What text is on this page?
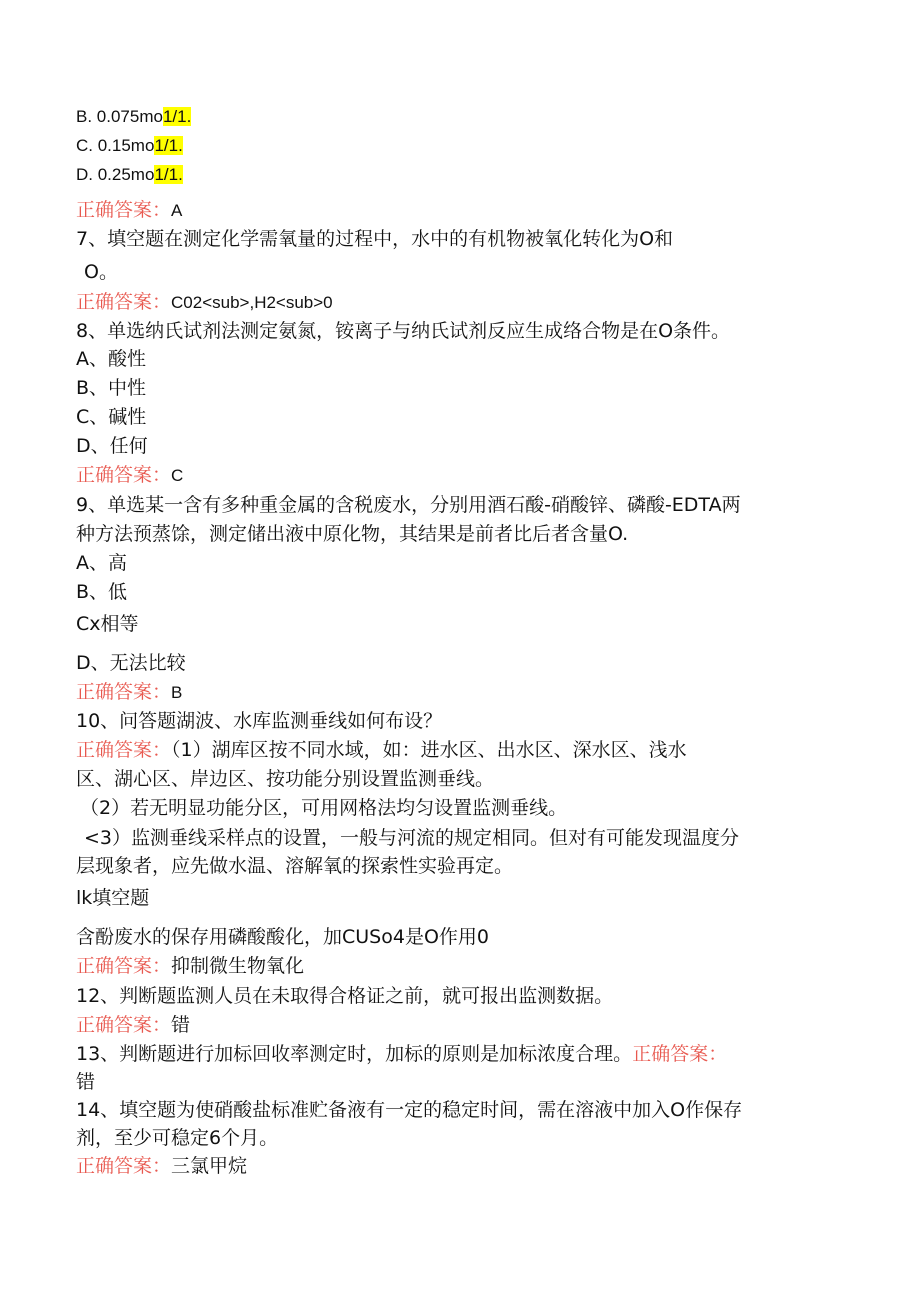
B. 0.075mo1/1.
C. 0.15mo1/1.
D. 0.25mo1/1.
正确答案：A
7、填空题在测定化学需氧量的过程中，水中的有机物被氧化转化为O和
O。
正确答案：C02<sub>,H2<sub>0
8、单选纳氏试剂法测定氨氮，铵离子与纳氏试剂反应生成络合物是在O条件。
A、酸性
B、中性
C、碱性
D、任何
正确答案：C
9、单选某一含有多种重金属的含税废水，分别用酒石酸-硝酸锌、磷酸-EDTA两
种方法预蒸馀，测定储出液中原化物，其结果是前者比后者含量O.
A、高
B、低
Cx相等
D、无法比较
正确答案：B
10、问答题湖波、水库监测垂线如何布设？
正确答案：（1）湖库区按不同水域，如：进水区、出水区、深水区、浅水
区、湖心区、岸边区、按功能分别设置监测垂线。
（2）若无明显功能分区，可用网格法均匀设置监测垂线。
<3）监测垂线采样点的设置，一般与河流的规定相同。但对有可能发现温度分
层现象者，应先做水温、溶解氧的探索性实验再定。
lk填空题
含酚废水的保存用磷酸酸化，加CUSo4是O作用0
正确答案：抑制微生物氧化
12、判断题监测人员在未取得合格证之前，就可报出监测数据。
正确答案：错
13、判断题进行加标回收率测定时，加标的原则是加标浓度合理。正确答案：
错
14、填空题为使硝酸盐标准贮备液有一定的稳定时间，需在溶液中加入O作保存
剂，至少可稳定6个月。
正确答案：三氯甲烷
